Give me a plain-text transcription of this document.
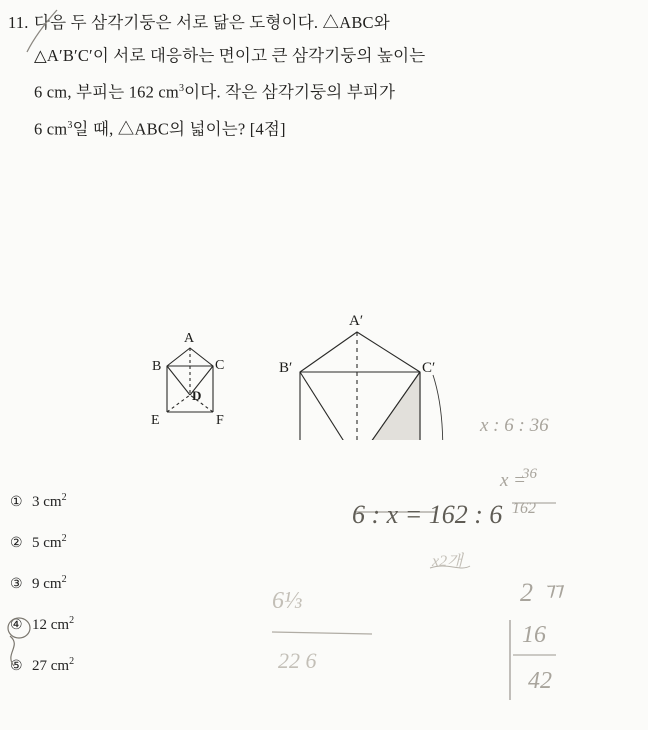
11. 다음 두 삼각기둥은 서로 닮은 도형이다. △ABC와
△A′B′C′이 서로 대응하는 면이고 큰 삼각기둥의 높이는
6 cm, 부피는 162 $cm^3$이다. 작은 삼각기둥의 부피가
6 $cm^3$일 때, △ABC의 넓이는? [4점]
A
B	C
D
E	F
A′
B′	C′
① 3 $cm^2$
② 5 $cm^2$
③ 9 $cm^2$
④ 12 $cm^2$
⑤ 27 $cm^2$
x : 6 : 36
x =
36
162
6 : x = 162 : 6
x2개
6⅓
22 6
2 ㄲ
16
42
